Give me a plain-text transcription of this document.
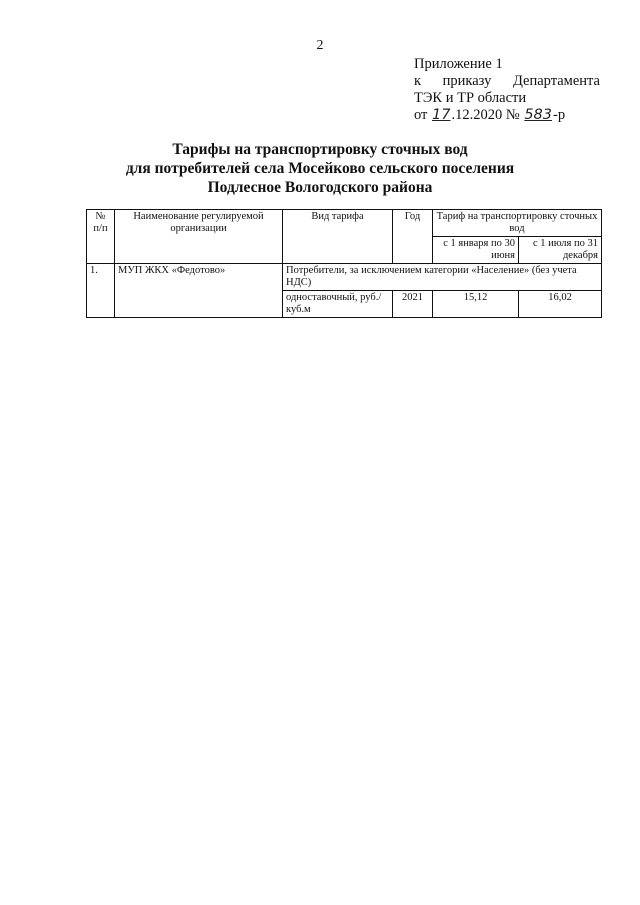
2
Приложение 1
к приказу Департамента
ТЭК и ТР области
от 17.12.2020 № 583-р
Тарифы на транспортировку сточных вод
для потребителей села Мосейково сельского поселения
Подлесное Вологодского района
№ п/п	Наименование регулируемой организации	Вид тарифа	Год	Тариф на транспортировку сточных вод	
				с 1 января по 30 июня	с 1 июля по 31 декабря
1.	МУП ЖКХ «Федотово»	Потребители, за исключением категории «Население» (без учета НДС)			
		одноставочный, руб./куб.м	2021	15,12	16,02
